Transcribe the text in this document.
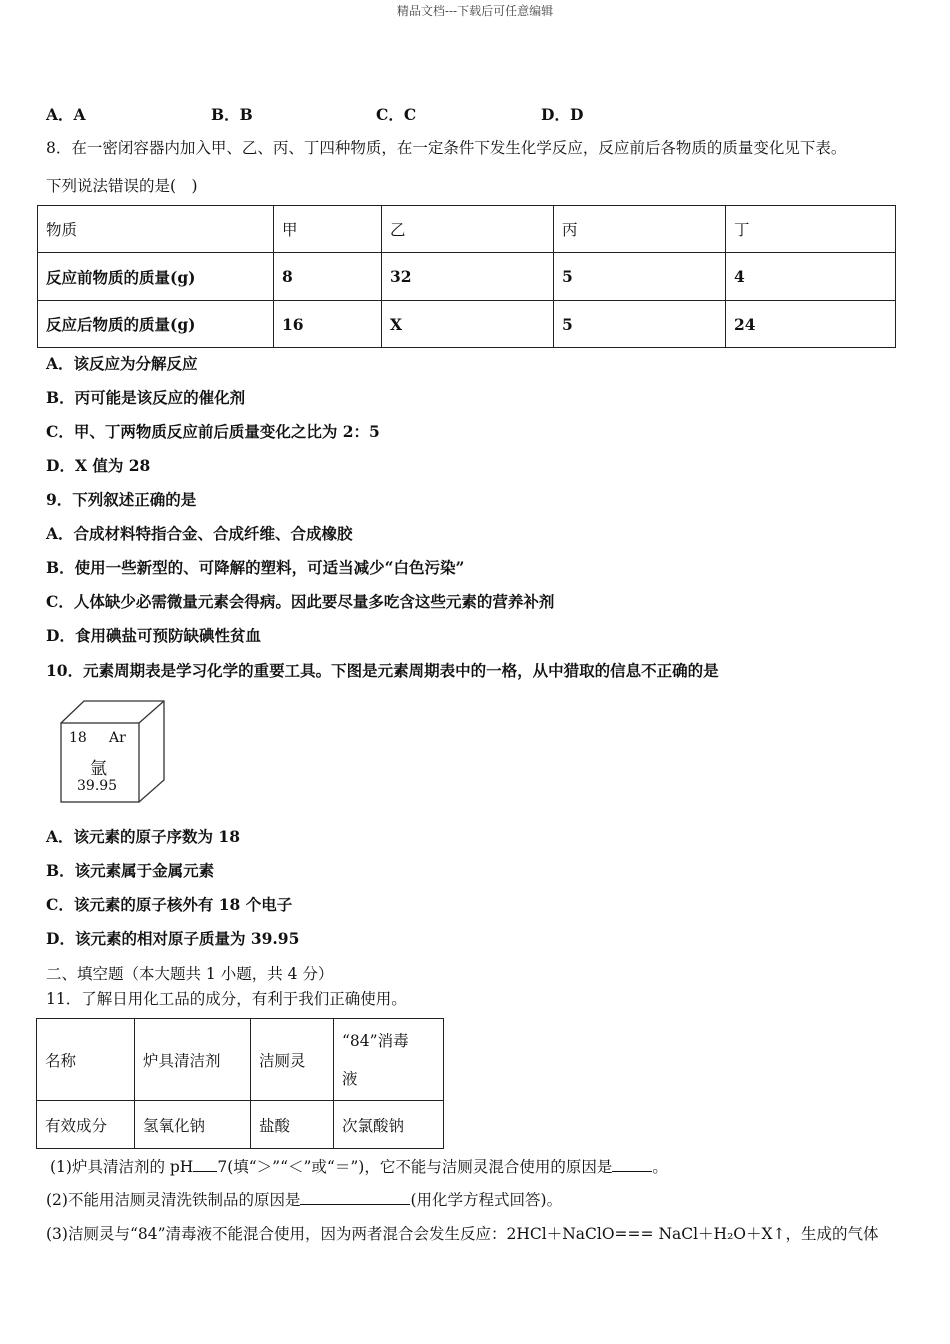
精品文档---下载后可任意编辑
A．A	B．B	C．C	D．D
8．在一密闭容器内加入甲、乙、丙、丁四种物质，在一定条件下发生化学反应，反应前后各物质的质量变化见下表。
下列说法错误的是(　)
物质	甲	乙	丙	丁
反应前物质的质量(g)	8	32	5	4
反应后物质的质量(g)	16	X	5	24
A．该反应为分解反应
B．丙可能是该反应的催化剂
C．甲、丁两物质反应前后质量变化之比为 2：5
D．X 值为 28
9．下列叙述正确的是
A．合成材料特指合金、合成纤维、合成橡胶
B．使用一些新型的、可降解的塑料，可适当减少“白色污染”
C．人体缺少必需微量元素会得病。因此要尽量多吃含这些元素的营养补剂
D．食用碘盐可预防缺碘性贫血
10．元素周期表是学习化学的重要工具。下图是元素周期表中的一格，从中猎取的信息不正确的是
18 Ar
氩
39.95
A．该元素的原子序数为 18
B．该元素属于金属元素
C．该元素的原子核外有 18 个电子
D．该元素的相对原子质量为 39.95
二、填空题（本大题共 1 小题，共 4 分）
11．了解日用化工品的成分，有利于我们正确使用。
名称	炉具清洁剂	洁厕灵	“84”消毒
液

有效成分	氢氧化钠	盐酸	次氯酸钠
(1)炉具清洁剂的 pH 7(填“＞”“＜”或“＝”)，它不能与洁厕灵混合使用的原因是	。
(2)不能用洁厕灵清洗铁制品的原因是	(用化学方程式回答)。
(3)洁厕灵与“84”清毒液不能混合使用，因为两者混合会发生反应：2HCl＋NaClO=== NaCl＋H₂O＋X↑，生成的气体
